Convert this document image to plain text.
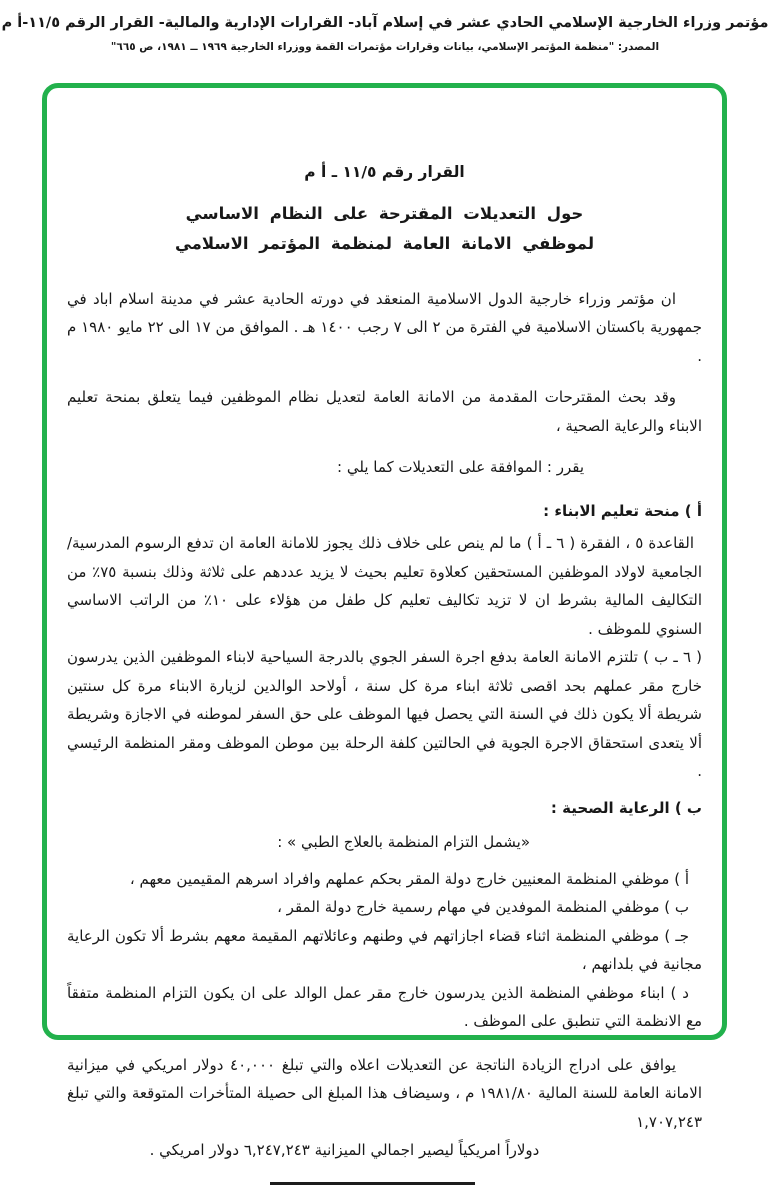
مؤتمر وزراء الخارجية الإسلامي الحادي عشر في إسلام آباد- القرارات الإدارية والمالية- القرار الرقم ١١/٥-أ م
المصدر: "منظمة المؤتمر الإسلامي، بيانات وقرارات مؤتمرات القمة ووزراء الخارجية ١٩٦٩ ــ ١٩٨١، ص ٦٦٥"
القرار رقم ١١/٥ ـ أ م
حول التعديلات المقترحة على النظام الاساسي
لموظفي الامانة العامة لمنظمة المؤتمر الاسلامي

ان مؤتمر وزراء خارجية الدول الاسلامية المنعقد في دورته الحادية عشر في مدينة اسلام اباد في جمهورية باكستان الاسلامية في الفترة من ٢ الى ٧ رجب ١٤٠٠ هـ . الموافق من ١٧ الى ٢٢ مايو ١٩٨٠ م .

وقد بحث المقترحات المقدمة من الامانة العامة لتعديل نظام الموظفين فيما يتعلق بمنحة تعليم الابناء والرعاية الصحية ،

يقرر : الموافقة على التعديلات كما يلي :

أ ) منحة تعليم الابناء :

القاعدة ٥ ، الفقرة ( ٦ ـ أ ) ما لم ينص على خلاف ذلك يجوز للامانة العامة ان تدفع الرسوم المدرسية/ الجامعية لاولاد الموظفين المستحقين كعلاوة تعليم بحيث لا يزيد عددهم على ثلاثة وذلك بنسبة ٧٥٪ من التكاليف المالية بشرط ان لا تزيد تكاليف تعليم كل طفل من هؤلاء على ١٠٪ من الراتب الاساسي السنوي للموظف .

( ٦ ـ ب ) تلتزم الامانة العامة بدفع اجرة السفر الجوي بالدرجة السياحية لابناء الموظفين الذين يدرسون خارج مقر عملهم بحد اقصى ثلاثة ابناء مرة كل سنة ، أولاحد الوالدين لزيارة الابناء مرة كل سنتين شريطة ألا يكون ذلك في السنة التي يحصل فيها الموظف على حق السفر لموطنه في الاجازة وشريطة ألا يتعدى استحقاق الاجرة الجوية في الحالتين كلفة الرحلة بين موطن الموظف ومقر المنظمة الرئيسي .

ب ) الرعاية الصحية :

«يشمل التزام المنظمة بالعلاج الطبي » :

أ ) موظفي المنظمة المعنيين خارج دولة المقر بحكم عملهم وافراد اسرهم المقيمين معهم ،

ب ) موظفي المنظمة الموفدين في مهام رسمية خارج دولة المقر ،

جـ ) موظفي المنظمة اثناء قضاء اجازاتهم في وطنهم وعائلاتهم المقيمة معهم بشرط ألا تكون الرعاية مجانية في بلدانهم ،

د ) ابناء موظفي المنظمة الذين يدرسون خارج مقر عمل الوالد على ان يكون التزام المنظمة متفقاً مع الانظمة التي تنطبق على الموظف .

يوافق على ادراج الزيادة الناتجة عن التعديلات اعلاه والتي تبلغ ٤٠,٠٠٠ دولار امريكي في ميزانية الامانة العامة للسنة المالية ١٩٨١/٨٠ م ، وسيضاف هذا المبلغ الى حصيلة المتأخرات المتوقعة والتي تبلغ ١,٧٠٧,٢٤٣

دولاراً امريكياً ليصير اجمالي الميزانية ٦,٢٤٧,٢٤٣ دولار امريكي .
